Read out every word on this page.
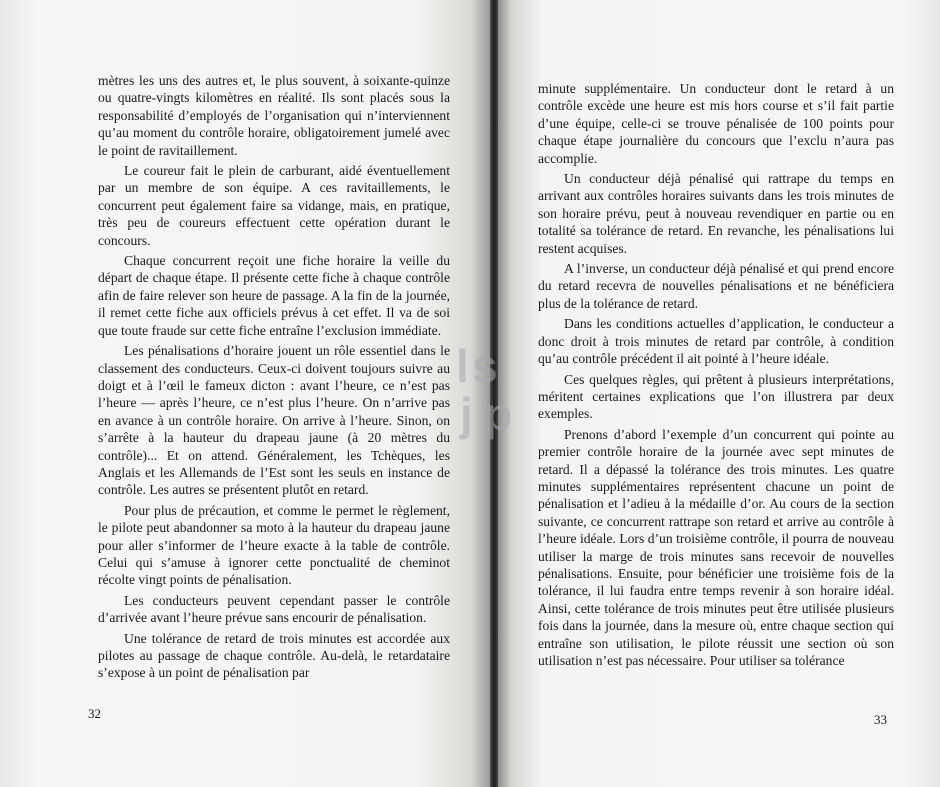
mètres les uns des autres et, le plus souvent, à soixante-quinze ou quatre-vingts kilomètres en réalité. Ils sont placés sous la responsabilité d’employés de l’organisation qui n’interviennent qu’au moment du contrôle horaire, obligatoirement jumelé avec le point de ravitaillement.

Le coureur fait le plein de carburant, aidé éventuellement par un membre de son équipe. A ces ravitaillements, le concurrent peut également faire sa vidange, mais, en pratique, très peu de coureurs effectuent cette opération durant le concours.

Chaque concurrent reçoit une fiche horaire la veille du départ de chaque étape. Il présente cette fiche à chaque contrôle afin de faire relever son heure de passage. A la fin de la journée, il remet cette fiche aux officiels prévus à cet effet. Il va de soi que toute fraude sur cette fiche entraîne l’exclusion immédiate.

Les pénalisations d’horaire jouent un rôle essentiel dans le classement des conducteurs. Ceux-ci doivent toujours suivre au doigt et à l’œil le fameux dicton : avant l’heure, ce n’est pas l’heure — après l’heure, ce n’est plus l’heure. On n’arrive pas en avance à un contrôle horaire. On arrive à l’heure. Sinon, on s’arrête à la hauteur du drapeau jaune (à 20 mètres du contrôle)... Et on attend. Généralement, les Tchèques, les Anglais et les Allemands de l’Est sont les seuls en instance de contrôle. Les autres se présentent plutôt en retard.

Pour plus de précaution, et comme le permet le règlement, le pilote peut abandonner sa moto à la hauteur du drapeau jaune pour aller s’informer de l’heure exacte à la table de contrôle. Celui qui s’amuse à ignorer cette ponctualité de cheminot récolte vingt points de pénalisation.

Les conducteurs peuvent cependant passer le contrôle d’arrivée avant l’heure prévue sans encourir de pénalisation.

Une tolérance de retard de trois minutes est accordée aux pilotes au passage de chaque contrôle. Au-delà, le retardataire s’expose à un point de pénalisation par

32

minute supplémentaire. Un conducteur dont le retard à un contrôle excède une heure est mis hors course et s’il fait partie d’une équipe, celle-ci se trouve pénalisée de 100 points pour chaque étape journalière du concours que l’exclu n’aura pas accomplie.

Un conducteur déjà pénalisé qui rattrape du temps en arrivant aux contrôles horaires suivants dans les trois minutes de son horaire prévu, peut à nouveau revendiquer en partie ou en totalité sa tolérance de retard. En revanche, les pénalisations lui restent acquises.

A l’inverse, un conducteur déjà pénalisé et qui prend encore du retard recevra de nouvelles pénalisations et ne bénéficiera plus de la tolérance de retard.

Dans les conditions actuelles d’application, le conducteur a donc droit à trois minutes de retard par contrôle, à condition qu’au contrôle précédent il ait pointé à l’heure idéale.

Ces quelques règles, qui prêtent à plusieurs interprétations, méritent certaines explications que l’on illustrera par deux exemples.

Prenons d’abord l’exemple d’un concurrent qui pointe au premier contrôle horaire de la journée avec sept minutes de retard. Il a dépassé la tolérance des trois minutes. Les quatre minutes supplémentaires représentent chacune un point de pénalisation et l’adieu à la médaille d’or. Au cours de la section suivante, ce concurrent rattrape son retard et arrive au contrôle à l’heure idéale. Lors d’un troisième contrôle, il pourra de nouveau utiliser la marge de trois minutes sans recevoir de nouvelles pénalisations. Ensuite, pour bénéficier une troisième fois de la tolérance, il lui faudra entre temps revenir à son horaire idéal. Ainsi, cette tolérance de trois minutes peut être utilisée plusieurs fois dans la journée, dans la mesure où, entre chaque section qui entraîne son utilisation, le pilote réussit une section où son utilisation n’est pas nécessaire. Pour utiliser sa tolérance

33
l s
j p
